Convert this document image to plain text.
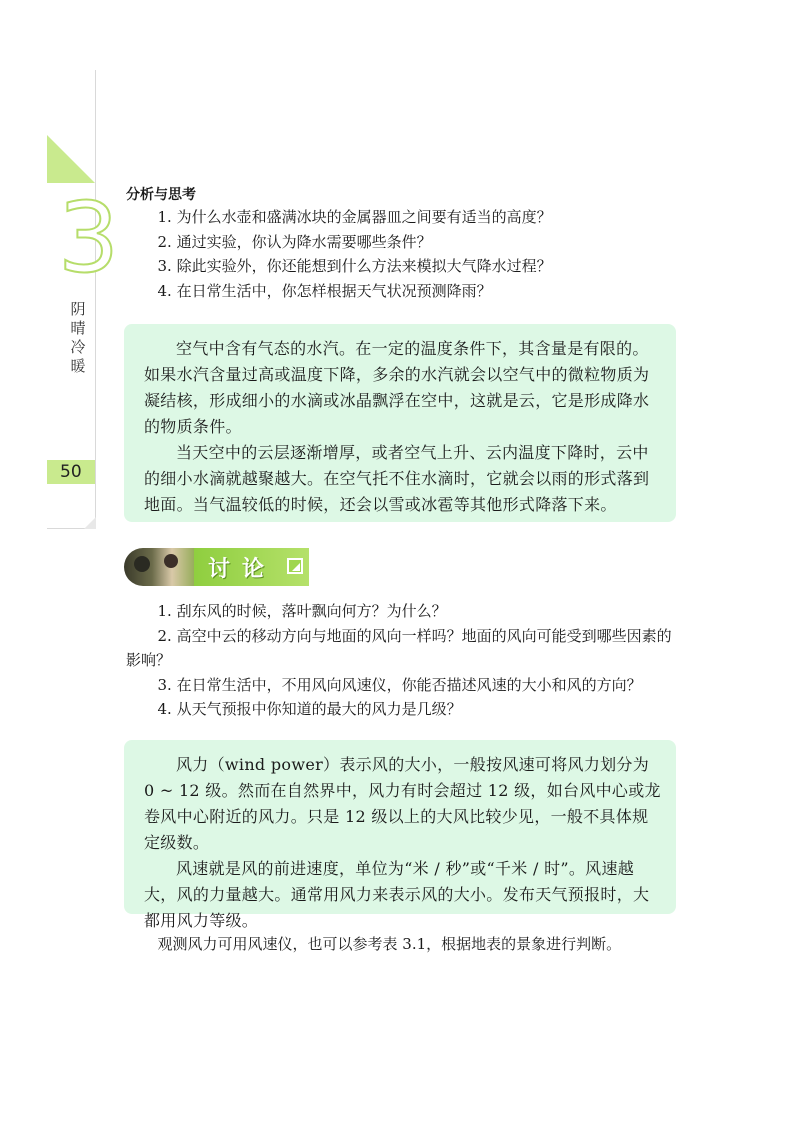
3
阴晴冷暖
50
分析与思考

1. 为什么水壶和盛满冰块的金属器皿之间要有适当的高度？

2. 通过实验，你认为降水需要哪些条件？

3. 除此实验外，你还能想到什么方法来模拟大气降水过程？

4. 在日常生活中，你怎样根据天气状况预测降雨？

空气中含有气态的水汽。在一定的温度条件下，其含量是有限的。如果水汽含量过高或温度下降，多余的水汽就会以空气中的微粒物质为凝结核，形成细小的水滴或冰晶飘浮在空中，这就是云，它是形成降水的物质条件。

当天空中的云层逐渐增厚，或者空气上升、云内温度下降时，云中的细小水滴就越聚越大。在空气托不住水滴时，它就会以雨的形式落到地面。当气温较低的时候，还会以雪或冰雹等其他形式降落下来。

讨论

1. 刮东风的时候，落叶飘向何方？为什么？

2. 高空中云的移动方向与地面的风向一样吗？地面的风向可能受到哪些因素的影响？

3. 在日常生活中，不用风向风速仪，你能否描述风速的大小和风的方向？

4. 从天气预报中你知道的最大的风力是几级？

风力（wind power）表示风的大小，一般按风速可将风力划分为 0 ~ 12 级。然而在自然界中，风力有时会超过 12 级，如台风中心或龙卷风中心附近的风力。只是 12 级以上的大风比较少见，一般不具体规定级数。

风速就是风的前进速度，单位为“米 / 秒”或“千米 / 时”。风速越大，风的力量越大。通常用风力来表示风的大小。发布天气预报时，大都用风力等级。

观测风力可用风速仪，也可以参考表 3.1，根据地表的景象进行判断。
